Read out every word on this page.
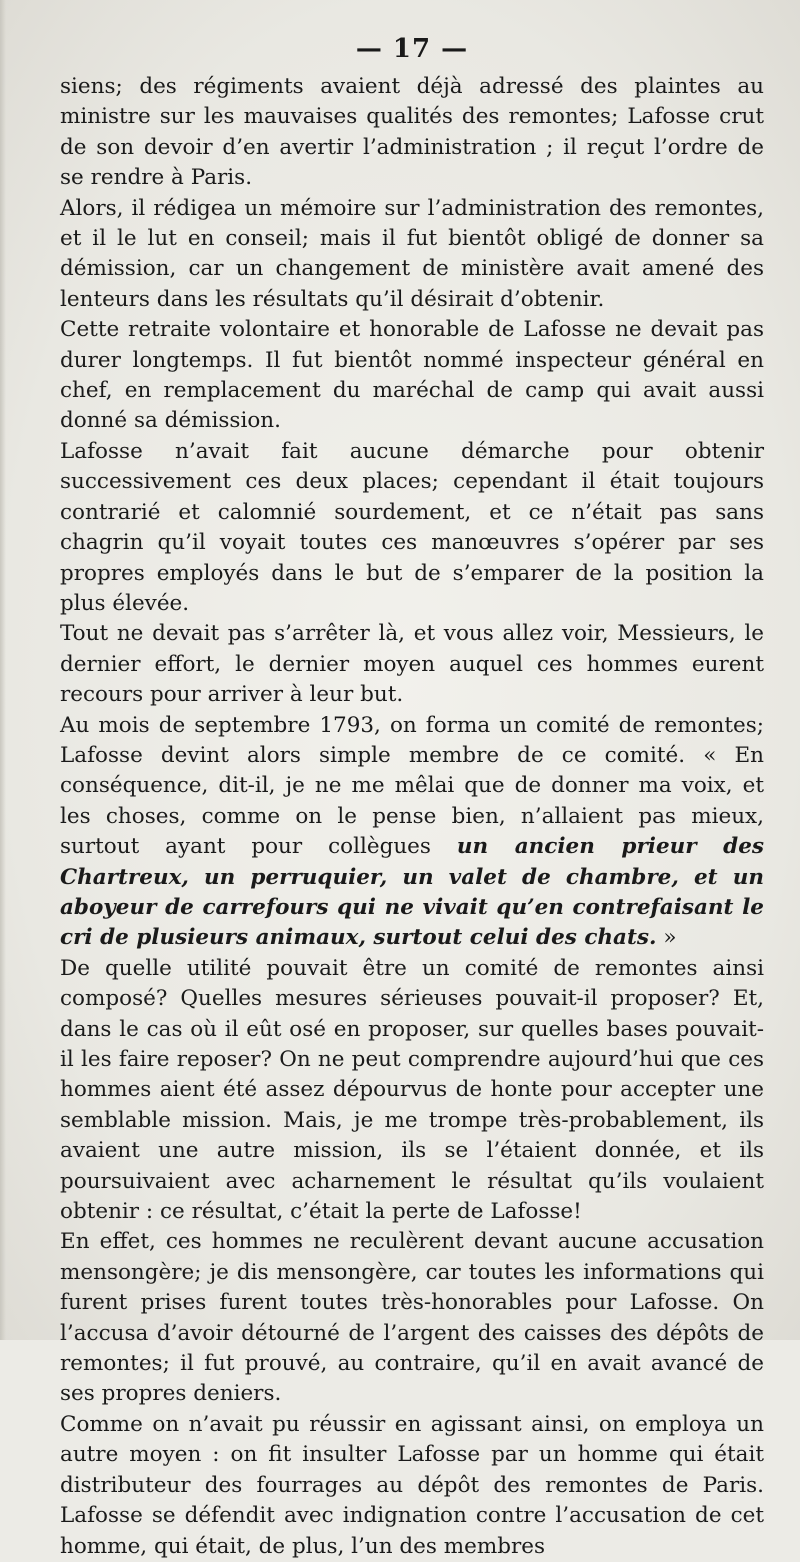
— 17 —

siens; des régiments avaient déjà adressé des plaintes au ministre sur les mauvaises qualités des remontes; Lafosse crut de son devoir d’en avertir l’administration ; il reçut l’ordre de se rendre à Paris.

Alors, il rédigea un mémoire sur l’administration des remontes, et il le lut en conseil; mais il fut bientôt obligé de donner sa démission, car un changement de ministère avait amené des lenteurs dans les résultats qu’il désirait d’obtenir.

Cette retraite volontaire et honorable de Lafosse ne devait pas durer longtemps. Il fut bientôt nommé inspecteur général en chef, en remplacement du maréchal de camp qui avait aussi donné sa démission.

Lafosse n’avait fait aucune démarche pour obtenir successivement ces deux places; cependant il était toujours contrarié et calomnié sourdement, et ce n’était pas sans chagrin qu’il voyait toutes ces manœuvres s’opérer par ses propres employés dans le but de s’emparer de la position la plus élevée.

Tout ne devait pas s’arrêter là, et vous allez voir, Messieurs, le dernier effort, le dernier moyen auquel ces hommes eurent recours pour arriver à leur but.

Au mois de septembre 1793, on forma un comité de remontes; Lafosse devint alors simple membre de ce comité. « En conséquence, dit-il, je ne me mêlai que de donner ma voix, et les choses, comme on le pense bien, n’allaient pas mieux, surtout ayant pour collègues un ancien prieur des Chartreux, un perruquier, un valet de chambre, et un aboyeur de carrefours qui ne vivait qu’en contrefaisant le cri de plusieurs animaux, surtout celui des chats. »

De quelle utilité pouvait être un comité de remontes ainsi composé? Quelles mesures sérieuses pouvait-il proposer? Et, dans le cas où il eût osé en proposer, sur quelles bases pouvait-il les faire reposer? On ne peut comprendre aujourd’hui que ces hommes aient été assez dépourvus de honte pour accepter une semblable mission. Mais, je me trompe très-probablement, ils avaient une autre mission, ils se l’étaient donnée, et ils poursuivaient avec acharnement le résultat qu’ils voulaient obtenir : ce résultat, c’était la perte de Lafosse!

En effet, ces hommes ne reculèrent devant aucune accusation mensongère; je dis mensongère, car toutes les informations qui furent prises furent toutes très-honorables pour Lafosse. On l’accusa d’avoir détourné de l’argent des caisses des dépôts de remontes; il fut prouvé, au contraire, qu’il en avait avancé de ses propres deniers.

Comme on n’avait pu réussir en agissant ainsi, on employa un autre moyen : on fit insulter Lafosse par un homme qui était distributeur des fourrages au dépôt des remontes de Paris. Lafosse se défendit avec indignation contre l’accusation de cet homme, qui était, de plus, l’un des membres
